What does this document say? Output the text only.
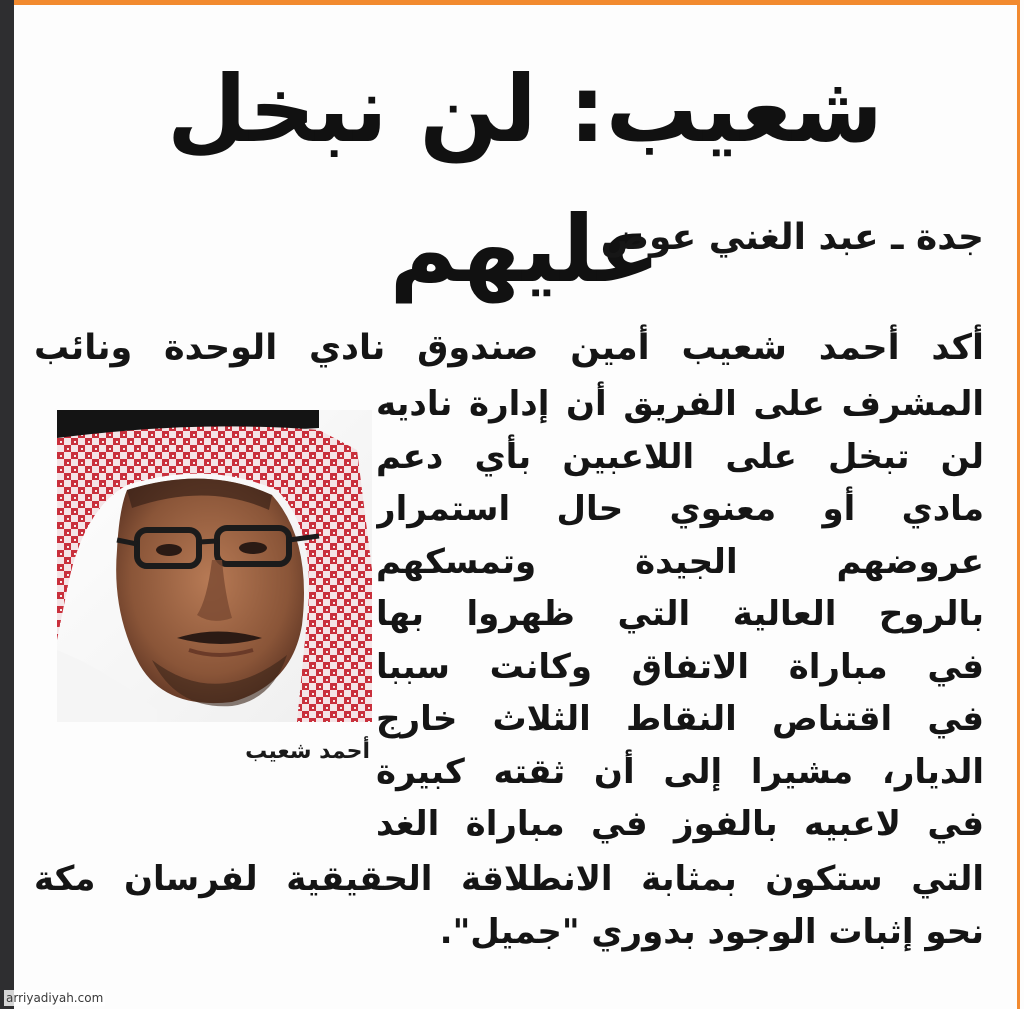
شعيب: لن نبخل عليهم
جدة ـ عبد الغني عوض
أكد أحمد شعيب أمين صندوق نادي الوحدة ونائب
المشرف على الفريق أن إدارة ناديه
لن تبخل على اللاعبين بأي دعم
مادي أو معنوي حال استمرار
عروضهم الجيدة وتمسكهم
بالروح العالية التي ظهروا بها
في مباراة الاتفاق وكانت سببا
في اقتناص النقاط الثلاث خارج
الديار، مشيرا إلى أن ثقته كبيرة
في لاعبيه بالفوز في مباراة الغد
التي ستكون بمثابة الانطلاقة الحقيقية لفرسان مكة
نحو إثبات الوجود بدوري "جميل".
أحمد شعيب
arriyadiyah.com
